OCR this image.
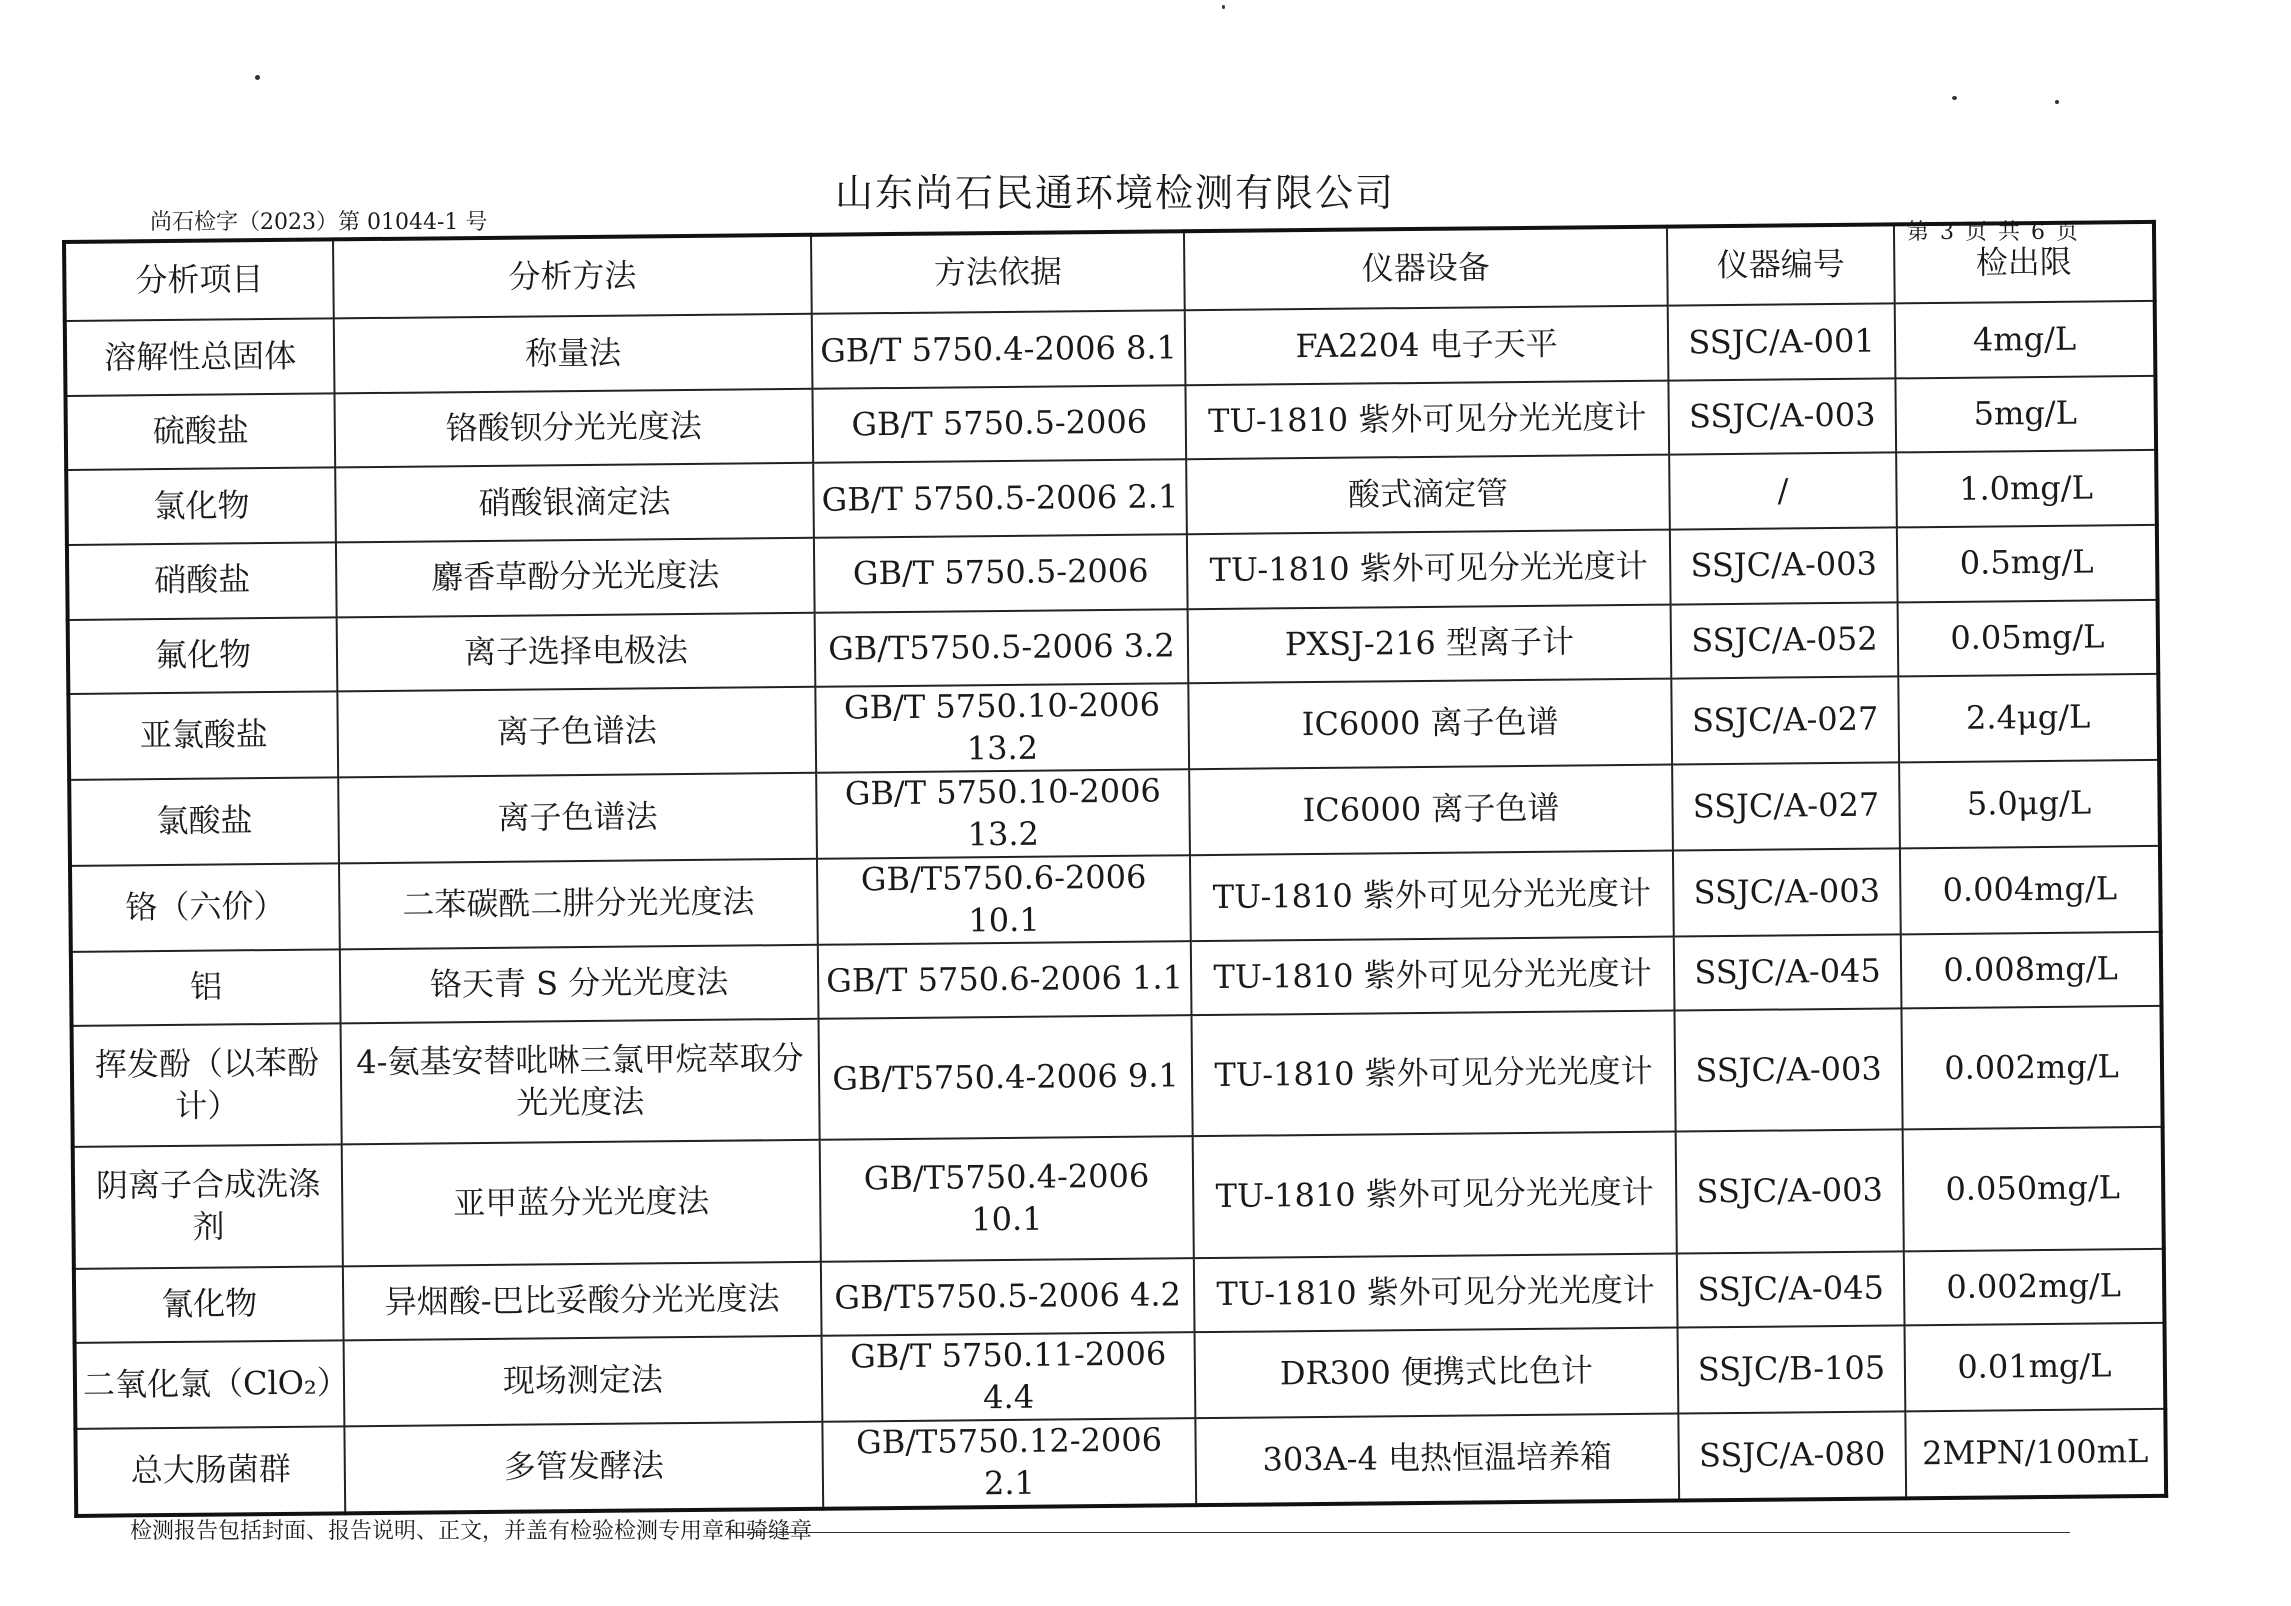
山东尚石民通环境检测有限公司
尚石检字（2023）第 01044-1 号	第 3 页 共 6 页
分析项目	分析方法	方法依据	仪器设备	仪器编号	检出限
溶解性总固体	称量法	GB/T 5750.4-2006 8.1	FA2204 电子天平	SSJC/A-001	4mg/L
硫酸盐	铬酸钡分光光度法	GB/T 5750.5-2006	TU-1810 紫外可见分光光度计	SSJC/A-003	5mg/L
氯化物	硝酸银滴定法	GB/T 5750.5-2006 2.1	酸式滴定管	/	1.0mg/L
硝酸盐	麝香草酚分光光度法	GB/T 5750.5-2006	TU-1810 紫外可见分光光度计	SSJC/A-003	0.5mg/L
氟化物	离子选择电极法	GB/T5750.5-2006 3.2	PXSJ-216 型离子计	SSJC/A-052	0.05mg/L
亚氯酸盐	离子色谱法	GB/T 5750.10-2006 13.2	IC6000 离子色谱	SSJC/A-027	2.4μg/L
氯酸盐	离子色谱法	GB/T 5750.10-2006 13.2	IC6000 离子色谱	SSJC/A-027	5.0μg/L
铬（六价）	二苯碳酰二肼分光光度法	GB/T5750.6-2006 10.1	TU-1810 紫外可见分光光度计	SSJC/A-003	0.004mg/L
铝	铬天青 S 分光光度法	GB/T 5750.6-2006 1.1	TU-1810 紫外可见分光光度计	SSJC/A-045	0.008mg/L
挥发酚（以苯酚计）	4-氨基安替吡啉三氯甲烷萃取分光光度法	GB/T5750.4-2006 9.1	TU-1810 紫外可见分光光度计	SSJC/A-003	0.002mg/L
阴离子合成洗涤剂	亚甲蓝分光光度法	GB/T5750.4-2006 10.1	TU-1810 紫外可见分光光度计	SSJC/A-003	0.050mg/L
氰化物	异烟酸-巴比妥酸分光光度法	GB/T5750.5-2006 4.2	TU-1810 紫外可见分光光度计	SSJC/A-045	0.002mg/L
二氧化氯（ClO₂）	现场测定法	GB/T 5750.11-2006 4.4	DR300 便携式比色计	SSJC/B-105	0.01mg/L
总大肠菌群	多管发酵法	GB/T5750.12-2006 2.1	303A-4 电热恒温培养箱	SSJC/A-080	2MPN/100mL
检测报告包括封面、报告说明、正文，并盖有检验检测专用章和骑缝章
